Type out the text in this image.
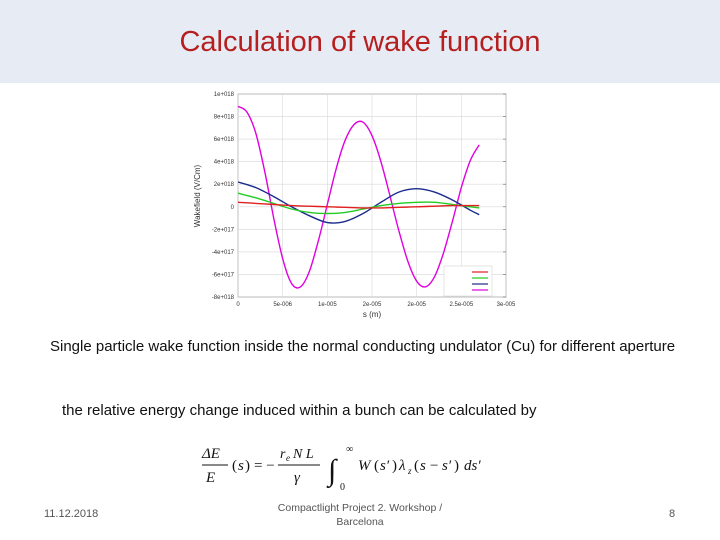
Calculation of wake function
0	5e-006	1e-005	2e-005	2e-005	2.5e-005	3e-005
1e+018
8e+018
6e+018
4e+018
2e+018
0
-2e+017
-4e+017
-6e+017
-8e+018
Wakefield (V/Cm)
s (m)
Single particle wake function inside the normal conducting undulator (Cu) for different aperture
the relative energy change induced within a bunch can be calculated by
ΔE
E
( s ) = −
r e N L
γ ∫
∞
0
W ( s′ ) λ z ( s − s′ ) ds′
11.12.2018	Compactlight Project 2. Workshop / Barcelona
8
